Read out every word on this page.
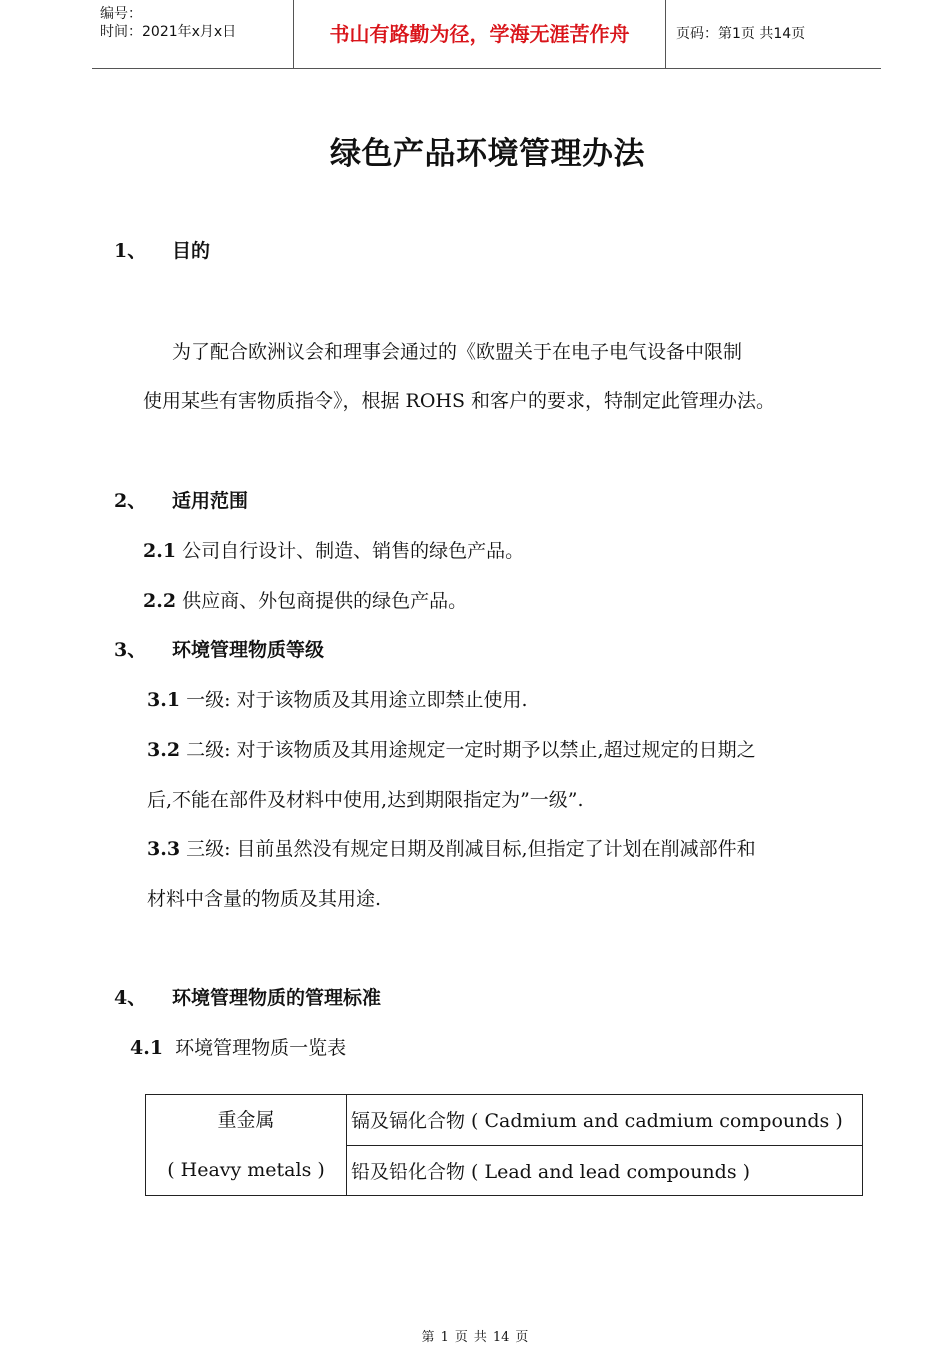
编号：
时间：2021年x月x日	书山有路勤为径，学海无涯苦作舟	页码：第1页 共14页
绿色产品环境管理办法
1、 目的
为了配合欧洲议会和理事会通过的《欧盟关于在电子电气设备中限制
使用某些有害物质指令》，根据 ROHS 和客户的要求，特制定此管理办法。
2、 适用范围
2.1 公司自行设计、制造、销售的绿色产品。
2.2 供应商、外包商提供的绿色产品。
3、 环境管理物质等级
3.1 一级: 对于该物质及其用途立即禁止使用.
3.2 二级: 对于该物质及其用途规定一定时期予以禁止,超过规定的日期之
后,不能在部件及材料中使用,达到期限指定为”一级”.
3.3 三级: 目前虽然没有规定日期及削减目标,但指定了计划在削减部件和
材料中含量的物质及其用途.
4、 环境管理物质的管理标准
4.1 环境管理物质一览表
重金属
( Heavy metals )
	镉及镉化合物 ( Cadmium and cadmium compounds )
铅及铅化合物 ( Lead and lead compounds )
第 1 页 共 14 页
